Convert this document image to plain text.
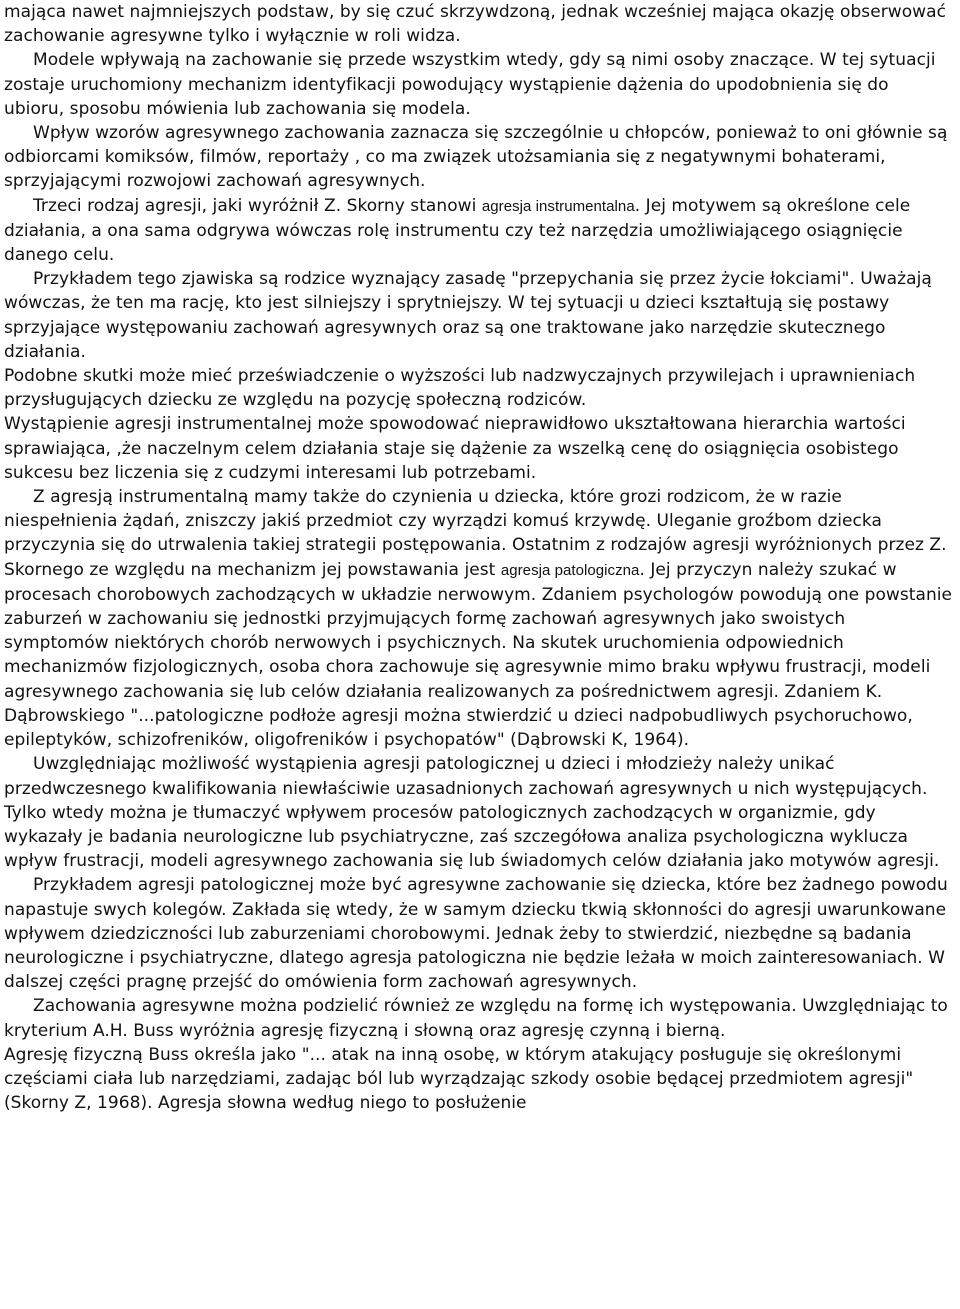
mająca nawet najmniejszych podstaw, by się czuć skrzywdzoną, jednak wcześniej mająca okazję obserwować zachowanie agresywne tylko i wyłącznie w roli widza.

Modele wpływają na zachowanie się przede wszystkim wtedy, gdy są nimi osoby znaczące. W tej sytuacji zostaje uruchomiony mechanizm identyfikacji powodujący wystąpienie dążenia do upodobnienia się do ubioru, sposobu mówienia lub zachowania się modela.

Wpływ wzorów agresywnego zachowania zaznacza się szczególnie u chłopców, ponieważ to oni głównie są odbiorcami komiksów, filmów, reportaży , co ma związek utożsamiania się z negatywnymi bohaterami, sprzyjającymi rozwojowi zachowań agresywnych.

Trzeci rodzaj agresji, jaki wyróżnił Z. Skorny stanowi agresja instrumentalna. Jej motywem są określone cele działania, a ona sama odgrywa wówczas rolę instrumentu czy też narzędzia umożliwiającego osiągnięcie danego celu.

Przykładem tego zjawiska są rodzice wyznający zasadę "przepychania się przez życie łokciami". Uważają wówczas, że ten ma rację, kto jest silniejszy i sprytniejszy. W tej sytuacji u dzieci kształtują się postawy sprzyjające występowaniu zachowań agresywnych oraz są one traktowane jako narzędzie skutecznego działania.

Podobne skutki może mieć przeświadczenie o wyższości lub nadzwyczajnych przywilejach i uprawnieniach przysługujących dziecku ze względu na pozycję społeczną rodziców.

Wystąpienie agresji instrumentalnej może spowodować nieprawidłowo ukształtowana hierarchia wartości sprawiająca, ,że naczelnym celem działania staje się dążenie za wszelką cenę do osiągnięcia osobistego sukcesu bez liczenia się z cudzymi interesami lub potrzebami.

Z agresją instrumentalną mamy także do czynienia u dziecka, które grozi rodzicom, że w razie niespełnienia żądań, zniszczy jakiś przedmiot czy wyrządzi komuś krzywdę. Uleganie groźbom dziecka przyczynia się do utrwalenia takiej strategii postępowania. Ostatnim z rodzajów agresji wyróżnionych przez Z. Skornego ze względu na mechanizm jej powstawania jest agresja patologiczna. Jej przyczyn należy szukać w procesach chorobowych zachodzących w układzie nerwowym. Zdaniem psychologów powodują one powstanie zaburzeń w zachowaniu się jednostki przyjmujących formę zachowań agresywnych jako swoistych symptomów niektórych chorób nerwowych i psychicznych. Na skutek uruchomienia odpowiednich mechanizmów fizjologicznych, osoba chora zachowuje się agresywnie mimo braku wpływu frustracji, modeli agresywnego zachowania się lub celów działania realizowanych za pośrednictwem agresji. Zdaniem K. Dąbrowskiego "...patologiczne podłoże agresji można stwierdzić u dzieci nadpobudliwych psychoruchowo, epileptyków, schizofreników, oligofreników i psychopatów" (Dąbrowski K, 1964).

Uwzględniając możliwość wystąpienia agresji patologicznej u dzieci i młodzieży należy unikać przedwczesnego kwalifikowania niewłaściwie uzasadnionych zachowań agresywnych u nich występujących. Tylko wtedy można je tłumaczyć wpływem procesów patologicznych zachodzących w organizmie, gdy wykazały je badania neurologiczne lub psychiatryczne, zaś szczegółowa analiza psychologiczna wyklucza wpływ frustracji, modeli agresywnego zachowania się lub świadomych celów działania jako motywów agresji.

Przykładem agresji patologicznej może być agresywne zachowanie się dziecka, które bez żadnego powodu napastuje swych kolegów. Zakłada się wtedy, że w samym dziecku tkwią skłonności do agresji uwarunkowane wpływem dziedziczności lub zaburzeniami chorobowymi. Jednak żeby to stwierdzić, niezbędne są badania neurologiczne i psychiatryczne, dlatego agresja patologiczna nie będzie leżała w moich zainteresowaniach. W dalszej części pragnę przejść do omówienia form zachowań agresywnych.

Zachowania agresywne można podzielić również ze względu na formę ich występowania. Uwzględniając to kryterium A.H. Buss wyróżnia agresję fizyczną i słowną oraz agresję czynną i bierną.

Agresję fizyczną Buss określa jako "... atak na inną osobę, w którym atakujący posługuje się określonymi częściami ciała lub narzędziami, zadając ból lub wyrządzając szkody osobie będącej przedmiotem agresji" (Skorny Z, 1968). Agresja słowna według niego to posłużenie
